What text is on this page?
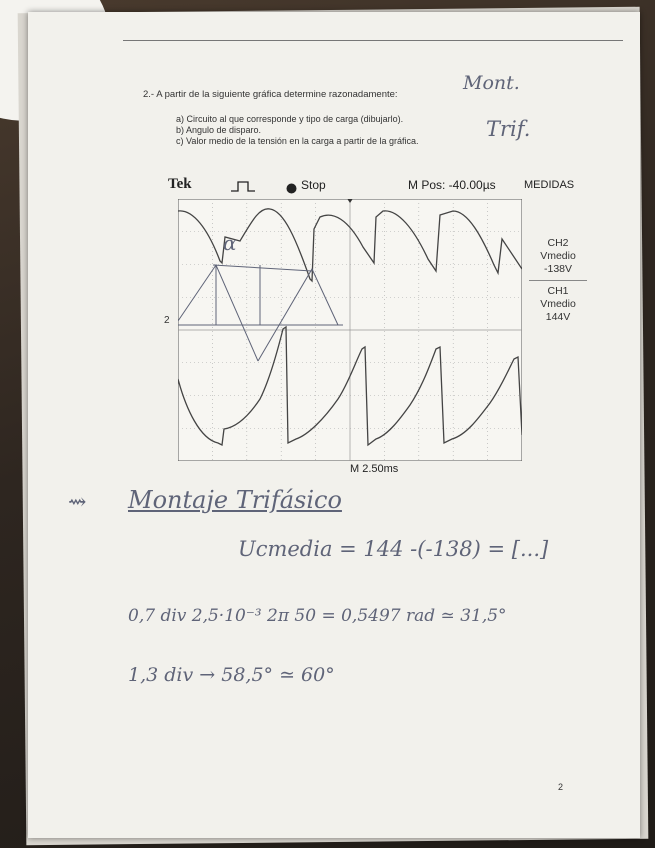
2.- A partir de la siguiente gráfica determine razonadamente:
a) Circuito al que corresponde y tipo de carga (dibujarlo).
b) Angulo de disparo.
c) Valor medio de la tensión en la carga a partir de la gráfica.
Mont.
Trif.
Tek	Stop	M Pos: -40.00µs	MEDIDAS
2
α	CH2
Vmedio
-138V
CH1
Vmedio
144V
M 2.50ms
⇝ Montaje Trifásico
Ucmedia = 144 -(-138) = [...]
0,7 div 2,5·10⁻³ 2π 50 = 0,5497 rad ≃ 31,5°
1,3 div → 58,5° ≃ 60°
2
